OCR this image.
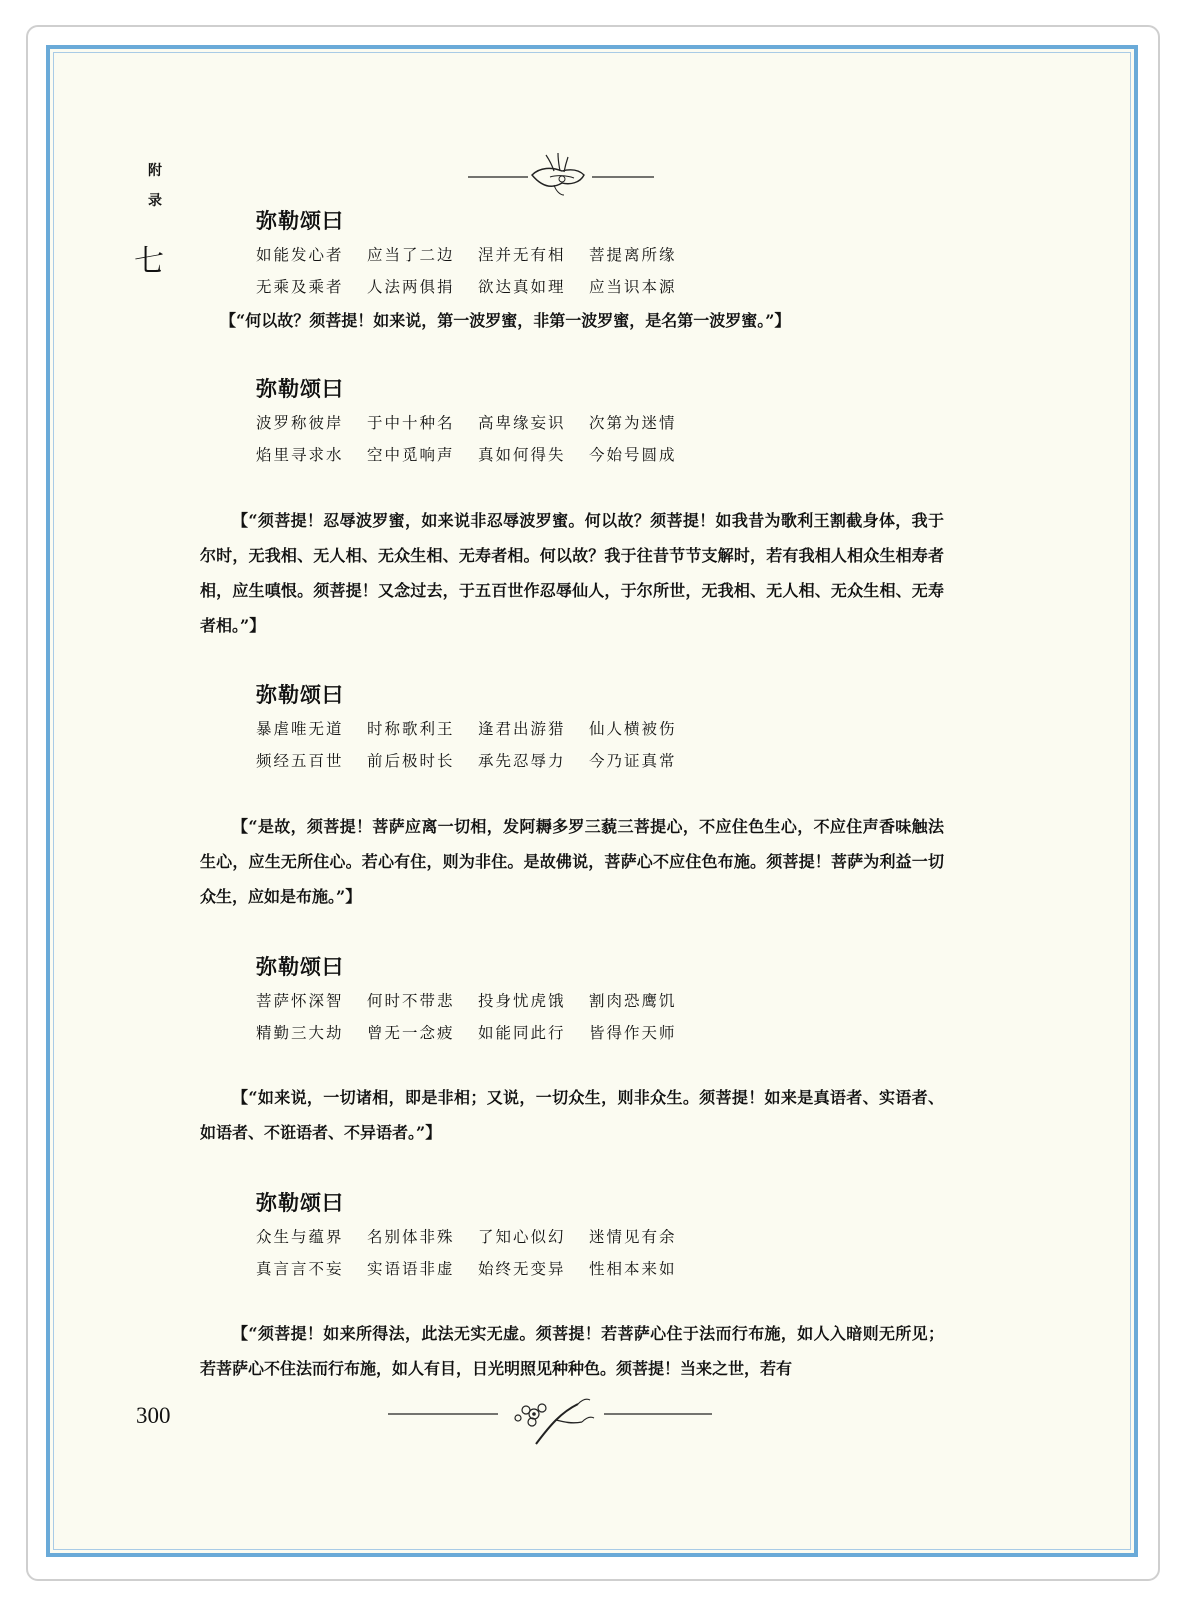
附
录
七
弥勒颂曰
如能发心者 应当了二边 涅并无有相 菩提离所缘
无乘及乘者 人法两俱捐 欲达真如理 应当识本源
【“何以故？须菩提！如来说，第一波罗蜜，非第一波罗蜜，是名第一波罗蜜。”】
弥勒颂曰
波罗称彼岸 于中十种名 高卑缘妄识 次第为迷情
焰里寻求水 空中觅响声 真如何得失 今始号圆成
【“须菩提！忍辱波罗蜜，如来说非忍辱波罗蜜。何以故？须菩提！如我昔为歌利王割截身体，我于尔时，无我相、无人相、无众生相、无寿者相。何以故？我于往昔节节支解时，若有我相人相众生相寿者相，应生嗔恨。须菩提！又念过去，于五百世作忍辱仙人，于尔所世，无我相、无人相、无众生相、无寿者相。”】
弥勒颂曰
暴虐唯无道 时称歌利王 逢君出游猎 仙人横被伤
频经五百世 前后极时长 承先忍辱力 今乃证真常
【“是故，须菩提！菩萨应离一切相，发阿耨多罗三藐三菩提心，不应住色生心，不应住声香味触法生心，应生无所住心。若心有住，则为非住。是故佛说，菩萨心不应住色布施。须菩提！菩萨为利益一切众生，应如是布施。”】
弥勒颂曰
菩萨怀深智 何时不带悲 投身忧虎饿 割肉恐鹰饥
精勤三大劫 曾无一念疲 如能同此行 皆得作天师
【“如来说，一切诸相，即是非相；又说，一切众生，则非众生。须菩提！如来是真语者、实语者、如语者、不诳语者、不异语者。”】
弥勒颂曰
众生与蕴界 名别体非殊 了知心似幻 迷情见有余
真言言不妄 实语语非虚 始终无变异 性相本来如
【“须菩提！如来所得法，此法无实无虚。须菩提！若菩萨心住于法而行布施，如人入暗则无所见；若菩萨心不住法而行布施，如人有目，日光明照见种种色。须菩提！当来之世，若有
300
